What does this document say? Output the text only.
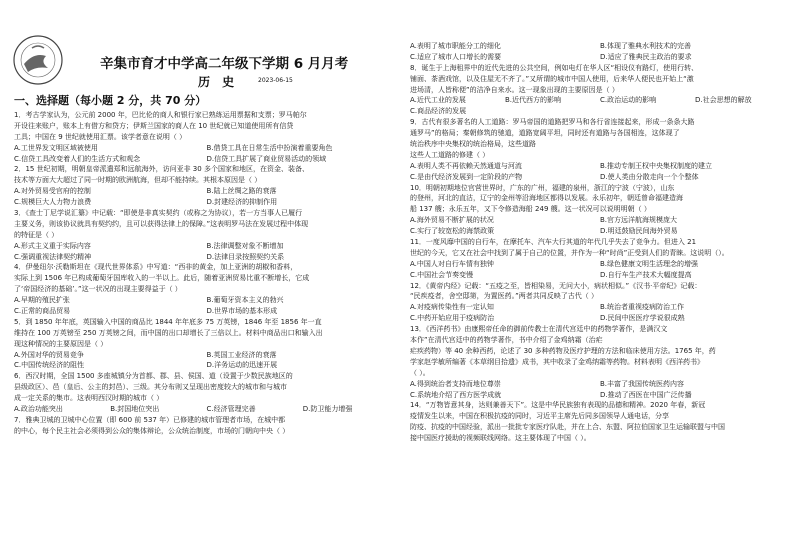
辛集市育才中学高二年级下学期 6 月月考
历 史	2023-06-15
一、选择题（每小题 2 分，共 70 分）
1．考古学家认为，公元前 2000 年，巴比伦的商人和银行家已熟练运用票据和支票；罗马帕尔
开设往来账户，账本上有借方和贷方；伊斯兰国家的商人在 10 世纪就已知道使用所有信贷
工具；中国在 9 世纪就使用汇票。该学者意在说明（ ）
A.工世界发文明区域被使用	B.借贷工具在日常生活中扮演着重要角色
C.信贷工具改变着人们的生活方式和观念	D.信贷工具扩展了商业贸易活动的领域
2．15 世纪初期，明朝皇帝派遣郑和远航海外，访问亚非 30 多个国家和地区，在资金、装备、
技术等方面大大超过了同一时期的欧洲航海，但却不能持续。其根本原因是（ ）
A.对外贸易受官府的控制	B.陆上丝绸之路的衰落
C.规模巨大人力物力浪费	D.封建经济的抑制作用
3．《查士丁尼学说汇纂》中记载：“即使是非真实契约（或称之为协议），若一方当事人已履行
主要义务，则该协议就具有契约约，且可以获得法律上的保障。”这表明罗马法在发展过程中体现
的特征是（ ）
A.形式主义重于实际内容	B.法律调整对象不断增加
C.强调重视法律契约精神	D.法律目录按照契约关系
4．伊曼纽尔·沃勒斯坦在《现代世界体系》中写道：“西非的黄金，加上亚洲的胡椒和香料，
实际上到 1506 年已构成葡萄牙国库收入的一半以上。此后，随着亚洲贸易比重不断增长，它成
了‘帝国经济的基础’。”这一状况的出现主要得益于（ ）
A.早期的殖民扩张	B.葡萄牙资本主义的勃兴
C.正常的商品贸易	D.世界市场的基本形成
5．到 1850 年年底，英国输入中国的商品比 1844 年年底多 75 万英镑，1846 年至 1856 年一直
维持在 100 万英镑至 250 万英镑之间，而中国的出口却增长了三倍以上。材料中商品出口和输入出
现这种情况的主要原因是（ ）
A.外国对华的贸易竞争	B.英国工业经济的衰落
C.中国传统经济的阻性	D.洋务运动的迅速开展
6．西汉时期，全国 1500 多座城镇分为首都、郡、县、侯国、道（设置于少数民族地区的
县级政区）、邑（皇后、公主的封邑）、三级。其分布则又呈现出密度较大的城市和与城市
成一定关系的集市。这表明西汉时期的城市（ ）
A.政治功能突出	B.封国地位突出	C.经济管理完善	D.防卫能力增强
7．雅典卫城的卫城中心位置（即 600 前 537 年）已修建的城市管理者市场，在城中都
的中心，每个民主社会必须得到公众的集体辩论，公众统治制度，市场的门朝向中央（ ）
A.表明了城市职能分工的细化	B.体现了雅典水利技术的完善
C.适应了城市人口增长的需要	D.适应了雅典民主政治的要求
8．诞生于上海租界中的近代先进的公共空间，例如电灯在华人区“相设仪有路灯，使用行转、
铺面、茶酒戏馆，以及住屋无不齐了。”又所谓的城市中国人使用，后来华人便民也开始上“激
进场清，人皆称便”的洁净自来水。这一现象出现的主要原因是（ ）
A.近代工业的发展	B.近代西方的影响	C.政治运动的影响	D.社会思想的解放
C.商品经济的发展
9．古代有很多著名的人工道路：罗马帝国的道路把罗马和各行省连接起来，形成一条条大路
通罗马”的格局；秦朝修筑的驰道，道路宽阔平坦，同时还有道路与各国相连，这体现了
统治秩序中央集权的统治格局，这些道路
这些人工道路的修建（ ）
A.表明人类不再依赖天然通道与河流	B.推动专制王权中央集权制度的建立
C.是由代经济发展到一定阶段的产物	D.使人类由分散走向一个个整体
10．明朝初期地位官营世界时，广东的广州，福建的泉州，浙江的宁波（宁波），山东
的登州，河北的直沽，辽宁的金州等沿海地区都得以发展。永乐初年，朝廷曾命福建造海
船 137 艘；永乐五年，又下令修造海船 249 艘。这一状况可以说明明朝（ ）
A.海外贸易不断扩展的状况	B.官方远洋航海规模庞大
C.实行了较宽松的海禁政策	D.明廷鼓励民间海外贸易
11．一度风靡中国的自行车，在摩托车、汽车大行其道的年代几乎失去了竞争力。但进入 21
世纪的今天，它又在社会中找到了属于自己的位置，并作为一种“时尚”正受到人们的青睐。这说明（）。
A.中国人对自行车情有独钟	B.绿色健康文明生活理念的增强
C.中国社会节奏变慢	D.自行车生产技术大幅度提高
12．《黄帝内经》记载：“五疫之至，皆相染易，无问大小，病状相似。”《汉书·平帝纪》记载：
“民疾疫者，舍空邸第，为置医药。”两者共同反映了古代（ ）
A.对疫病传染性有一定认知	B.统治者重视疫病防治工作
C.中药开始应用于疫病防治	D.民间中医医疗学说很成熟
13．《西洋药书》由康熙帝任命的御前传教士在清代宫廷中的药物学著作，是满汉文
本作”在清代宫廷中的药物学著作，书中介绍了金鸡纳霜（治疟
疟疾药物）等 40 余种西药，论述了 30 多种药物及医疗护理的方法和临床使用方法。1765 年，药
学家赵学敏所编著《本草纲目拾遗》成书，其中收录了金鸡纳霜等药物。材料表明《西洋药书》
（ ）。
A.得到统治者支持而地位尊崇	B.丰富了我国传统医药内容
C.系统地介绍了西方医学成就	D.推动了西医在中国广泛传播
14．“万物皆意其身，达则兼善天下”。这是中华民族独有表现的品德和精神。2020 年春，新冠
疫情发生以来，中国在积极抗疫的同时，习近平主席先后同多国领导人通电话，分享
防疫、抗疫的中国经验，派出一批批专家医疗队赴，并在上合、东盟、阿拉伯国家卫生运输联盟与中国
接中国医疗援助的视频联线网络。这主要体现了中国（ ）。
